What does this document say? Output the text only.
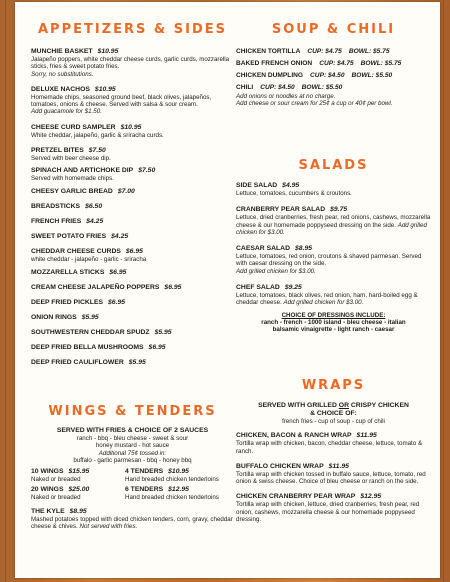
APPETIZERS & SIDES
MUNCHIE BASKET $10.95
Jalapeño poppers, white cheddar cheese curds, garlic curds, mozzarella sticks, fries & sweet potato fries.
Sorry, no substitutions.
DELUXE NACHOS $10.95
Homemade chips, seasoned ground beef, black olives, jalapeños, tomatoes, onions & cheese. Served with salsa & sour cream.
Add guacamole for $1.50.
CHEESE CURD SAMPLER $10.95
White cheddar, jalapeño, garlic & sriracha curds.
PRETZEL BITES $7.50
Served with beer cheese dip.
SPINACH AND ARTICHOKE DIP $7.50
Served with homemade chips.
CHEESY GARLIC BREAD $7.00
BREADSTICKS $6.50
FRENCH FRIES $4.25
SWEET POTATO FRIES $4.25
CHEDDAR CHEESE CURDS $6.95
white cheddar - jalapeño - garlic - sriracha
MOZZARELLA STICKS $6.95
CREAM CHEESE JALAPEÑO POPPERS $6.95
DEEP FRIED PICKLES $6.95
ONION RINGS $5.95
SOUTHWESTERN CHEDDAR SPUDZ $5.95
DEEP FRIED BELLA MUSHROOMS $6.95
DEEP FRIED CAULIFLOWER $5.95
WINGS & TENDERS
SERVED WITH FRIES & CHOICE OF 2 SAUCES
ranch - bbq - bleu cheese - sweet & sour
honey mustard - hot sauce
Additional 75¢ tossed in:
buffalo - garlic parmesan - bbq - honey bbq
10 WINGS $15.95
Naked or breaded
4 TENDERS $10.95
Hand breaded chicken tenderloins
20 WINGS $25.00
Naked or breaded
6 TENDERS $12.95
Hand breaded chicken tenderloins
THE KYLE $8.95
Mashed potatoes topped with diced chicken tenders, corn, gravy, cheddar cheese & chives. Not served with fries.
SOUP & CHILI
CHICKEN TORTILLA CUP: $4.75 BOWL: $5.75
BAKED FRENCH ONION CUP: $4.75 BOWL: $5.75
CHICKEN DUMPLING CUP: $4.50 BOWL: $5.50
CHILI CUP: $4.50 BOWL: $5.50
Add onions or noodles at no charge.
Add cheese or sour cream for 25¢ a cup or 40¢ per bowl.
SALADS
SIDE SALAD $4.95
Lettuce, tomatoes, cucumbers & croutons.
CRANBERRY PEAR SALAD $9.75
Lettuce, dried cranberries, fresh pear, red onions, cashews, mozzarella cheese & our homemade poppyseed dressing on the side. Add grilled chicken for $3.00.
CAESAR SALAD $8.95
Lettuce, tomatoes, red onion, croutons & shaved parmesan. Served with caesar dressing on the side.
Add grilled chicken for $3.00.
CHEF SALAD $9.25
Lettuce, tomatoes, black olives, red onion, ham, hard-boiled egg & cheddar cheese. Add grilled chicken for $3.00.
CHOICE OF DRESSINGS INCLUDE:
ranch - french - 1000 island - bleu cheese - italian
balsamic vinaigrette - light ranch - caesar
WRAPS
SERVED WITH GRILLED OR CRISPY CHICKEN
& CHOICE OF:
french fries - cup of soup - cup of chili
CHICKEN, BACON & RANCH WRAP $11.95
Tortilla wrap with chicken, bacon, cheddar cheese, lettuce, tomato & ranch.
BUFFALO CHICKEN WRAP $11.95
Tortilla wrap with chicken tossed in buffalo sauce, lettuce, tomato, red onion & swiss cheese. Choice of bleu cheese or ranch on the side.
CHICKEN CRANBERRY PEAR WRAP $12.95
Tortilla wrap with chicken, lettuce, dried cranberries, fresh pear, red onion, cashews, mozzarella cheese & our homemade poppyseed dressing.
